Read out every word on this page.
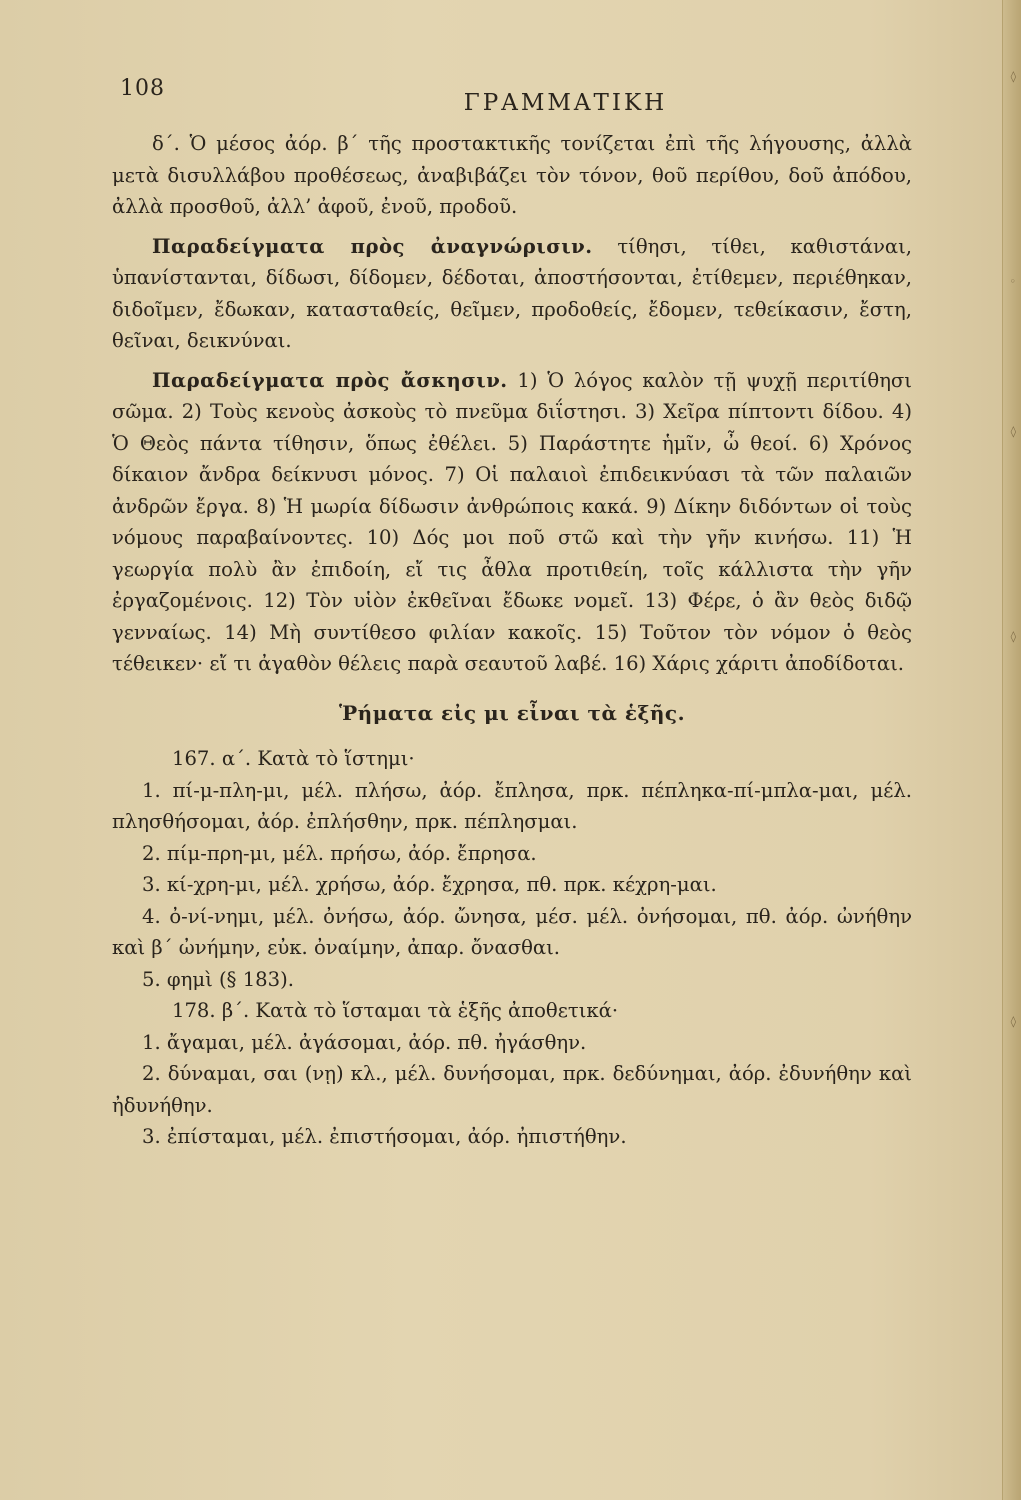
◊
◦
◊
◊
◊
108
ΓΡΑΜΜΑΤΙΚΗ

δ΄. Ὁ μέσος ἀόρ. β΄ τῆς προστακτικῆς τονίζεται ἐπὶ τῆς λήγουσης, ἀλλὰ μετὰ δισυλλάβου προθέσεως, ἀναβιβάζει τὸν τόνον, θοῦ περίθου, δοῦ ἀπόδου, ἀλλὰ προσθοῦ, ἀλλ’ ἀφοῦ, ἐνοῦ, προδοῦ.

Παραδείγματα πρὸς ἀναγνώρισιν. τίθησι, τίθει, καθιστάναι, ὑπανίστανται, δίδωσι, δίδομεν, δέδοται, ἀποστήσονται, ἐτίθεμεν, περιέθηκαν, διδοῖμεν, ἔδωκαν, κατασταθείς, θεῖμεν, προδοθείς, ἔδομεν, τεθείκασιν, ἔστη, θεῖναι, δεικνύναι.

Παραδείγματα πρὸς ἄσκησιν. 1) Ὁ λόγος καλὸν τῇ ψυχῇ περιτίθησι σῶμα. 2) Τοὺς κενοὺς ἀσκοὺς τὸ πνεῦμα διΐστησι. 3) Χεῖρα πίπτοντι δίδου. 4) Ὁ Θεὸς πάντα τίθησιν, ὅπως ἐθέλει. 5) Παράστητε ἡμῖν, ὦ θεοί. 6) Χρόνος δίκαιον ἄνδρα δείκνυσι μόνος. 7) Οἱ παλαιοὶ ἐπιδεικνύασι τὰ τῶν παλαιῶν ἀνδρῶν ἔργα. 8) Ἡ μωρία δίδωσιν ἀνθρώποις κακά. 9) Δίκην διδόντων οἱ τοὺς νόμους παραβαίνοντες. 10) Δός μοι ποῦ στῶ καὶ τὴν γῆν κινήσω. 11) Ἡ γεωργία πολὺ ἂν ἐπιδοίη, εἴ τις ἆθλα προτιθείη, τοῖς κάλλιστα τὴν γῆν ἐργαζομένοις. 12) Τὸν υἱὸν ἐκθεῖναι ἔδωκε νομεῖ. 13) Φέρε, ὁ ἂν θεὸς διδῷ γενναίως. 14) Μὴ συντίθεσο φιλίαν κακοῖς. 15) Τοῦτον τὸν νόμον ὁ θεὸς τέθεικεν· εἴ τι ἀγαθὸν θέλεις παρὰ σεαυτοῦ λαβέ. 16) Χάρις χάριτι ἀποδίδοται.

Ῥήματα εἰς μι εἶναι τὰ ἑξῆς.

167. α΄. Κατὰ τὸ ἵστημι·

1. πί-μ-πλη-μι, μέλ. πλήσω, ἀόρ. ἔπλησα, πρκ. πέπληκα-πί-μπλα-μαι, μέλ. πλησθήσομαι, ἀόρ. ἐπλήσθην, πρκ. πέπλησμαι.

2. πίμ-πρη-μι, μέλ. πρήσω, ἀόρ. ἔπρησα.

3. κί-χρη-μι, μέλ. χρήσω, ἀόρ. ἔχρησα, πθ. πρκ. κέχρη-μαι.

4. ὀ-νί-νημι, μέλ. ὀνήσω, ἀόρ. ὤνησα, μέσ. μέλ. ὀνήσομαι, πθ. ἀόρ. ὠνήθην καὶ β΄ ὠνήμην, εὐκ. ὀναίμην, ἀπαρ. ὄνασθαι.

5. φημὶ (§ 183).

178. β΄. Κατὰ τὸ ἵσταμαι τὰ ἑξῆς ἀποθετικά·

1. ἄγαμαι, μέλ. ἀγάσομαι, ἀόρ. πθ. ἠγάσθην.

2. δύναμαι, σαι (νῃ) κλ., μέλ. δυνήσομαι, πρκ. δεδύνημαι, ἀόρ. ἐδυνήθην καὶ ἠδυνήθην.

3. ἐπίσταμαι, μέλ. ἐπιστήσομαι, ἀόρ. ἠπιστήθην.
